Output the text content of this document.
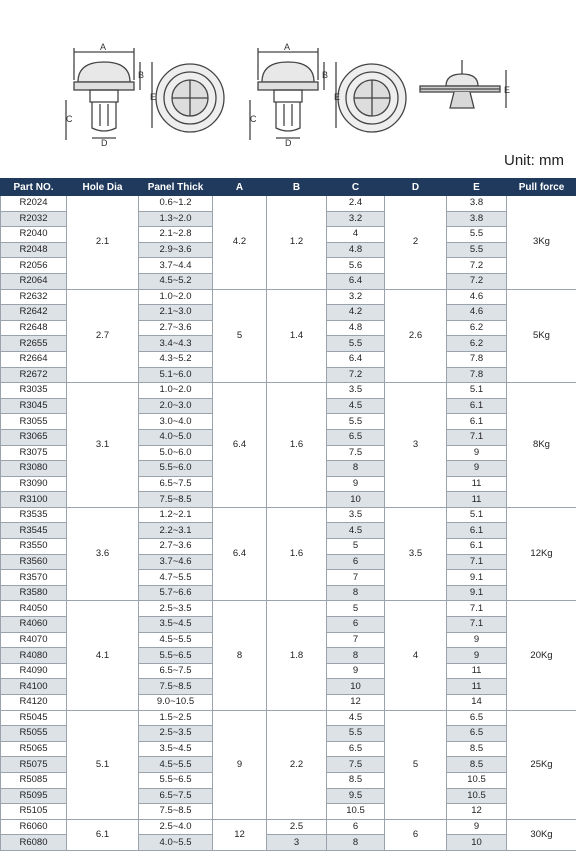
A
B
E
C
D
A
B
E
C
D
E
Unit: mm
Part NO.	Hole Dia	Panel Thick	A	B	C	D	E	Pull force
R2024	2.1	0.6~1.2	4.2	1.2	2.4	2	3.8	3Kg
R2032		1.3~2.0			3.2		3.8	
R2040		2.1~2.8			4		5.5	
R2048		2.9~3.6			4.8		5.5	
R2056		3.7~4.4			5.6		7.2	
R2064		4.5~5.2			6.4		7.2	
R2632	2.7	1.0~2.0	5	1.4	3.2	2.6	4.6	5Kg
R2642		2.1~3.0			4.2		4.6	
R2648		2.7~3.6			4.8		6.2	
R2655		3.4~4.3			5.5		6.2	
R2664		4.3~5.2			6.4		7.8	
R2672		5.1~6.0			7.2		7.8	
R3035	3.1	1.0~2.0	6.4	1.6	3.5	3	5.1	8Kg
R3045		2.0~3.0			4.5		6.1	
R3055		3.0~4.0			5.5		6.1	
R3065		4.0~5.0			6.5		7.1	
R3075		5.0~6.0			7.5		9	
R3080		5.5~6.0			8		9	
R3090		6.5~7.5			9		11	
R3100		7.5~8.5			10		11	
R3535	3.6	1.2~2.1	6.4	1.6	3.5	3.5	5.1	12Kg
R3545		2.2~3.1			4.5		6.1	
R3550		2.7~3.6			5		6.1	
R3560		3.7~4.6			6		7.1	
R3570		4.7~5.5			7		9.1	
R3580		5.7~6.6			8		9.1	
R4050	4.1	2.5~3.5	8	1.8	5	4	7.1	20Kg
R4060		3.5~4.5			6		7.1	
R4070		4.5~5.5			7		9	
R4080		5.5~6.5			8		9	
R4090		6.5~7.5			9		11	
R4100		7.5~8.5			10		11	
R4120		9.0~10.5			12		14	
R5045	5.1	1.5~2.5	9	2.2	4.5	5	6.5	25Kg
R5055		2.5~3.5			5.5		6.5	
R5065		3.5~4.5			6.5		8.5	
R5075		4.5~5.5			7.5		8.5	
R5085		5.5~6.5			8.5		10.5	
R5095		6.5~7.5			9.5		10.5	
R5105		7.5~8.5			10.5		12	
R6060	6.1	2.5~4.0	12	2.5	6	6	9	30Kg
R6080		4.0~5.5		3	8		10	
